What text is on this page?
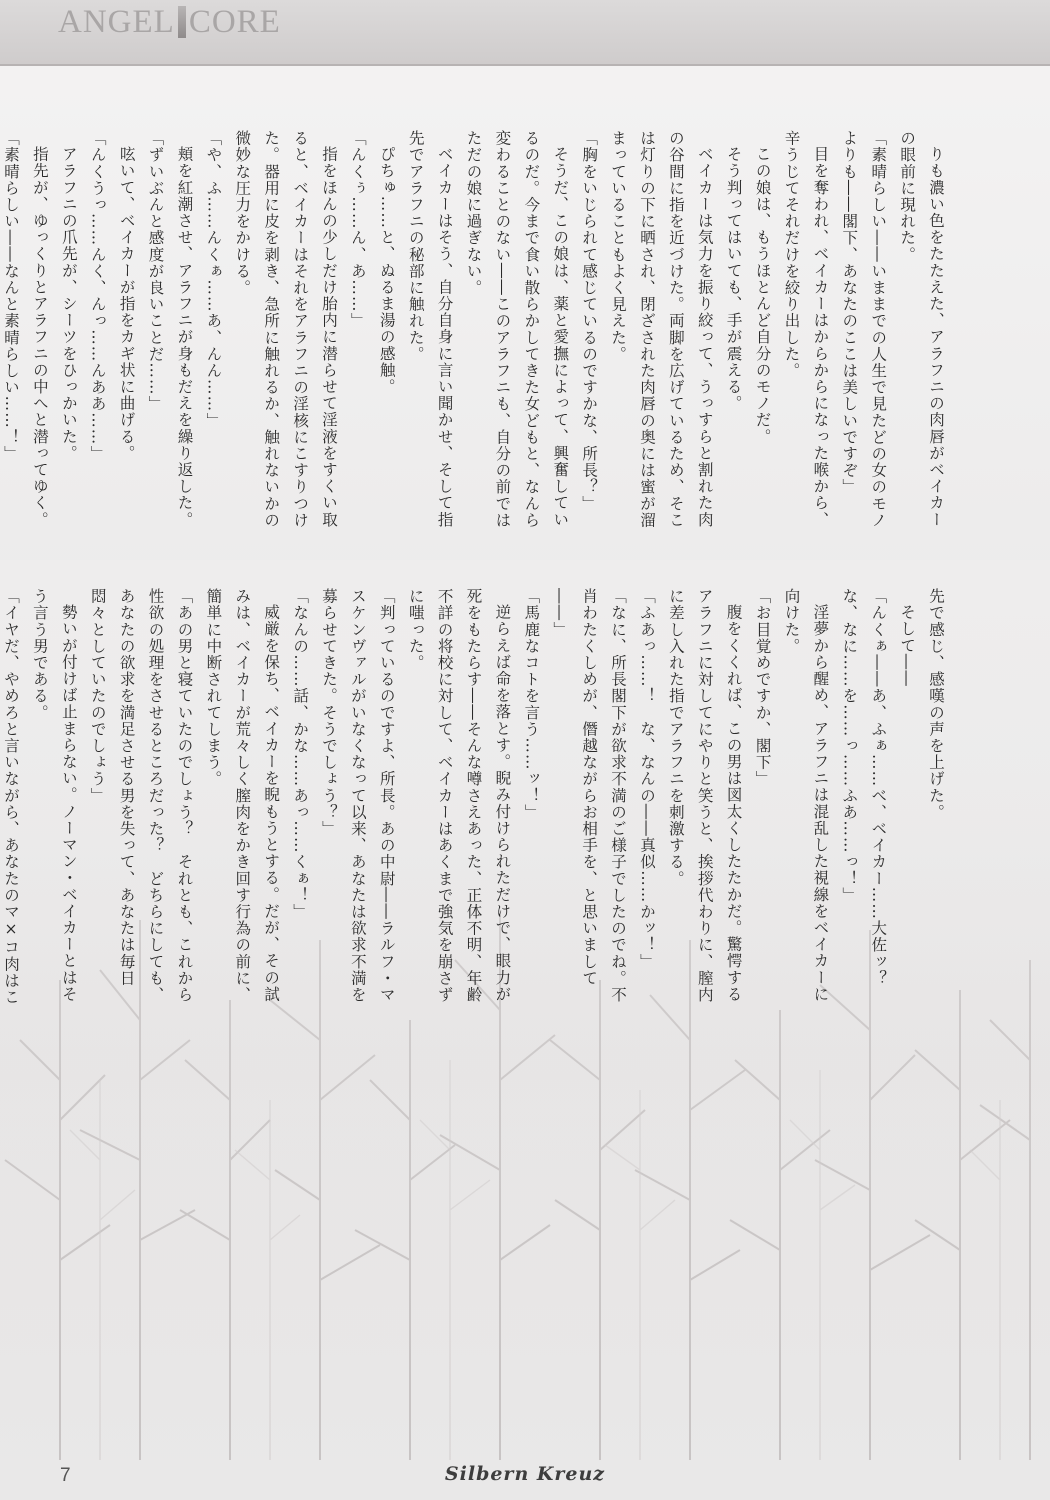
ANGEL CORE

りも濃い色をたたえた、アラフニの肉唇がベイカーの眼前に現れた。

「素晴らしい――いままでの人生で見たどの女のモノよりも――閣下、あなたのここは美しいですぞ」

目を奪われ、ベイカーはからからになった喉から、辛うじてそれだけを絞り出した。

この娘は、もうほとんど自分のモノだ。

そう判ってはいても、手が震える。

ベイカーは気力を振り絞って、うっすらと割れた肉の谷間に指を近づけた。両脚を広げているため、そこは灯りの下に晒され、閉ざされた肉唇の奥には蜜が溜まっていることもよく見えた。

「胸をいじられて感じているのですかな、所長？」

そうだ、この娘は、薬と愛撫によって、興奮しているのだ。今まで食い散らかしてきた女どもと、なんら変わることのない――このアラフニも、自分の前ではただの娘に過ぎない。

ベイカーはそう、自分自身に言い聞かせ、そして指先でアラフニの秘部に触れた。

ぴちゅ……と、ぬるま湯の感触。

「んくぅ……ん、あ……」

指をほんの少しだけ胎内に潜らせて淫液をすくい取ると、ベイカーはそれをアラフニの淫核にこすりつけた。器用に皮を剥き、急所に触れるか、触れないかの微妙な圧力をかける。

「や、ふ……んくぁ……あ、んん……」

頬を紅潮させ、アラフニが身もだえを繰り返した。

「ずいぶんと感度が良いことだ……」

呟いて、ベイカーが指をカギ状に曲げる。

「んくうっ……んく、んっ……んああ……」

アラフニの爪先が、シーツをひっかいた。

指先が、ゆっくりとアラフニの中へと潜ってゆく。

「素晴らしい――なんと素晴らしい……！」

先で感じ、感嘆の声を上げた。

そして――

「んくぁ――あ、ふぁ……べ、ベイカー……大佐ッ？な、なに……を……っ……ふあ……っ！」

淫夢から醒め、アラフニは混乱した視線をベイカーに向けた。

「お目覚めですか、閣下」

腹をくくれば、この男は図太くしたたかだ。驚愕するアラフニに対してにやりと笑うと、挨拶代わりに、膣内に差し入れた指でアラフニを刺激する。

「ふあっ……！　な、なんの――真似……かッ！」

「なに、所長閣下が欲求不満のご様子でしたのでね。不肖わたくしめが、僭越ながらお相手を、と思いまして――」

「馬鹿なコトを言う……ッ！」

逆らえば命を落とす。睨み付けられただけで、眼力が死をもたらす――そんな噂さえあった、正体不明、年齢不詳の将校に対して、ベイカーはあくまで強気を崩さずに嗤った。

「判っているのですよ、所長。あの中尉――ラルフ・マスケンヴァルがいなくなって以来、あなたは欲求不満を募らせてきた。そうでしょう？」

「なんの……話、かな……あっ……くぁ！」

威厳を保ち、ベイカーを睨もうとする。だが、その試みは、ベイカーが荒々しく膣肉をかき回す行為の前に、簡単に中断されてしまう。

「あの男と寝ていたのでしょう？　それとも、これから性欲の処理をさせるところだった？　どちらにしても、あなたの欲求を満足させる男を失って、あなたは毎日悶々としていたのでしょう」

勢いが付けば止まらない。ノーマン・ベイカーとはそう言う男である。

「イヤだ、やめろと言いながら、あなたのマ×コ肉はこ

7	Silbern Kreuz
